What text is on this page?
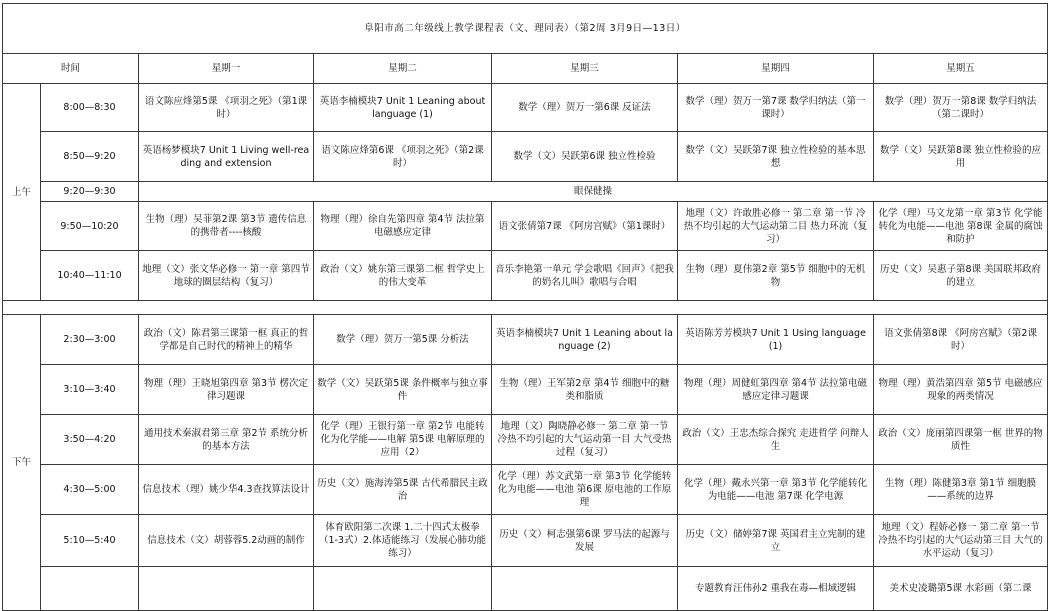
阜阳市高二年级线上教学课程表（文、理同表）（第2周 3月9日—13日）						
时间		星期一	星期二	星期三	星期四	星期五
上午	8:00—8:30	语文陈应烽第5课 《项羽之死》（第1课时）	英语李楠模块7 Unit 1 Leaning about language (1)	数学（理）贺万一第6课 反证法	数学（理）贺万一第7课 数学归纳法（第一课时）	数学（理）贺万一第8课 数学归纳法（第二课时）
	8:50—9:20	英语杨梦模块7 Unit 1 Living well-reading and extension	语文陈应烽第6课 《项羽之死》（第2课时）	数学（文）吴跃第6课 独立性检验	数学（文）吴跃第7课 独立性检验的基本思想	数学（文）吴跃第8课 独立性检验的应用
	9:20—9:30	眼保健操				
	9:50—10:20	生物（理）吴菲第2课 第3节 遗传信息的携带者----核酸	物理（理）徐自先第四章 第4节 法拉第电磁感应定律	语文张倩第7课 《阿房宫赋》（第1课时）	地理（文）许敢胜必修一 第二章 第一节 冷热不均引起的大气运动第二目 热力环流（复习）	化学（理）马文龙第一章 第3节 化学能转化为电能——电池 第8课 金属的腐蚀和防护
	10:40—11:10	地理（文）张文华必修一 第一章 第四节 地球的圈层结构（复习）	政治（文）姚东第三课第二框 哲学史上的伟大变革	音乐李艳第一单元 学会歌唱《回声》《把我的奶名儿叫》歌唱与合唱	生物（理）夏伟第2章 第5节 细胞中的无机物	历史（文）吴惠子第8课 美国联邦政府的建立

下午	2:30—3:00	政治（文）陈君第三课第一框 真正的哲学都是自己时代的精神上的精华	数学（理）贺万一第5课 分析法	英语李楠模块7 Unit 1 Leaning about language (2)	英语陈芳芳模块7 Unit 1 Using language (1)	语文张倩第8课 《阿房宫赋》（第2课时）
	3:10—3:40	物理（理）王晓旭第四章 第3节 楞次定律习题课	数学（文）吴跃第5课 条件概率与独立事件	生物（理）王军第2章 第4节 细胞中的糖类和脂质	物理（理）周健虹第四章 第4节 法拉第电磁感应定律习题课	物理（理）黄浩第四章 第5节 电磁感应现象的两类情况
	3:50—4:20	通用技术秦淑君第三章 第2节 系统分析的基本方法	化学（理）王银行第一章 第2节 电能转化为化学能——电解 第5课 电解原理的应用（2）	地理（文）陶晓静必修一 第二章 第一节 冷热不均引起的大气运动第一目 大气受热过程（复习）	政治（文）王忠杰综合探究 走进哲学 问辩人生	政治（文）庞丽第四课第一框 世界的物质性
	4:30—5:00	信息技术（理）姚少华4.3查找算法设计	历史（文）施海涛第5课 古代希腊民主政治	化学（理）苏文武第一章 第3节 化学能转化为电能——电池 第6课 原电池的工作原理	化学（理）戴永兴第一章 第3节 化学能转化为电能——电池 第7课 化学电源	生物（理）陈健第3章 第1节 细胞膜——系统的边界
	5:10—5:40	信息技术（文）胡蓉蓉5.2动画的制作	体育欧阳第二次课 1.二十四式太极拳 （1-3式）2.体适能练习（发展心肺功能练习）	历史（文）柯志强第6课 罗马法的起源与发展	历史（文）储婷第7课 英国君主立宪制的建立	地理（文）程娇必修一 第二章 第一节 冷热不均引起的大气运动第三目 大气的水平运动（复习）
					专题教育汪伟孙2 重我在毒—相域逻辑	美术史凌璐第5课 水彩画（第二课
